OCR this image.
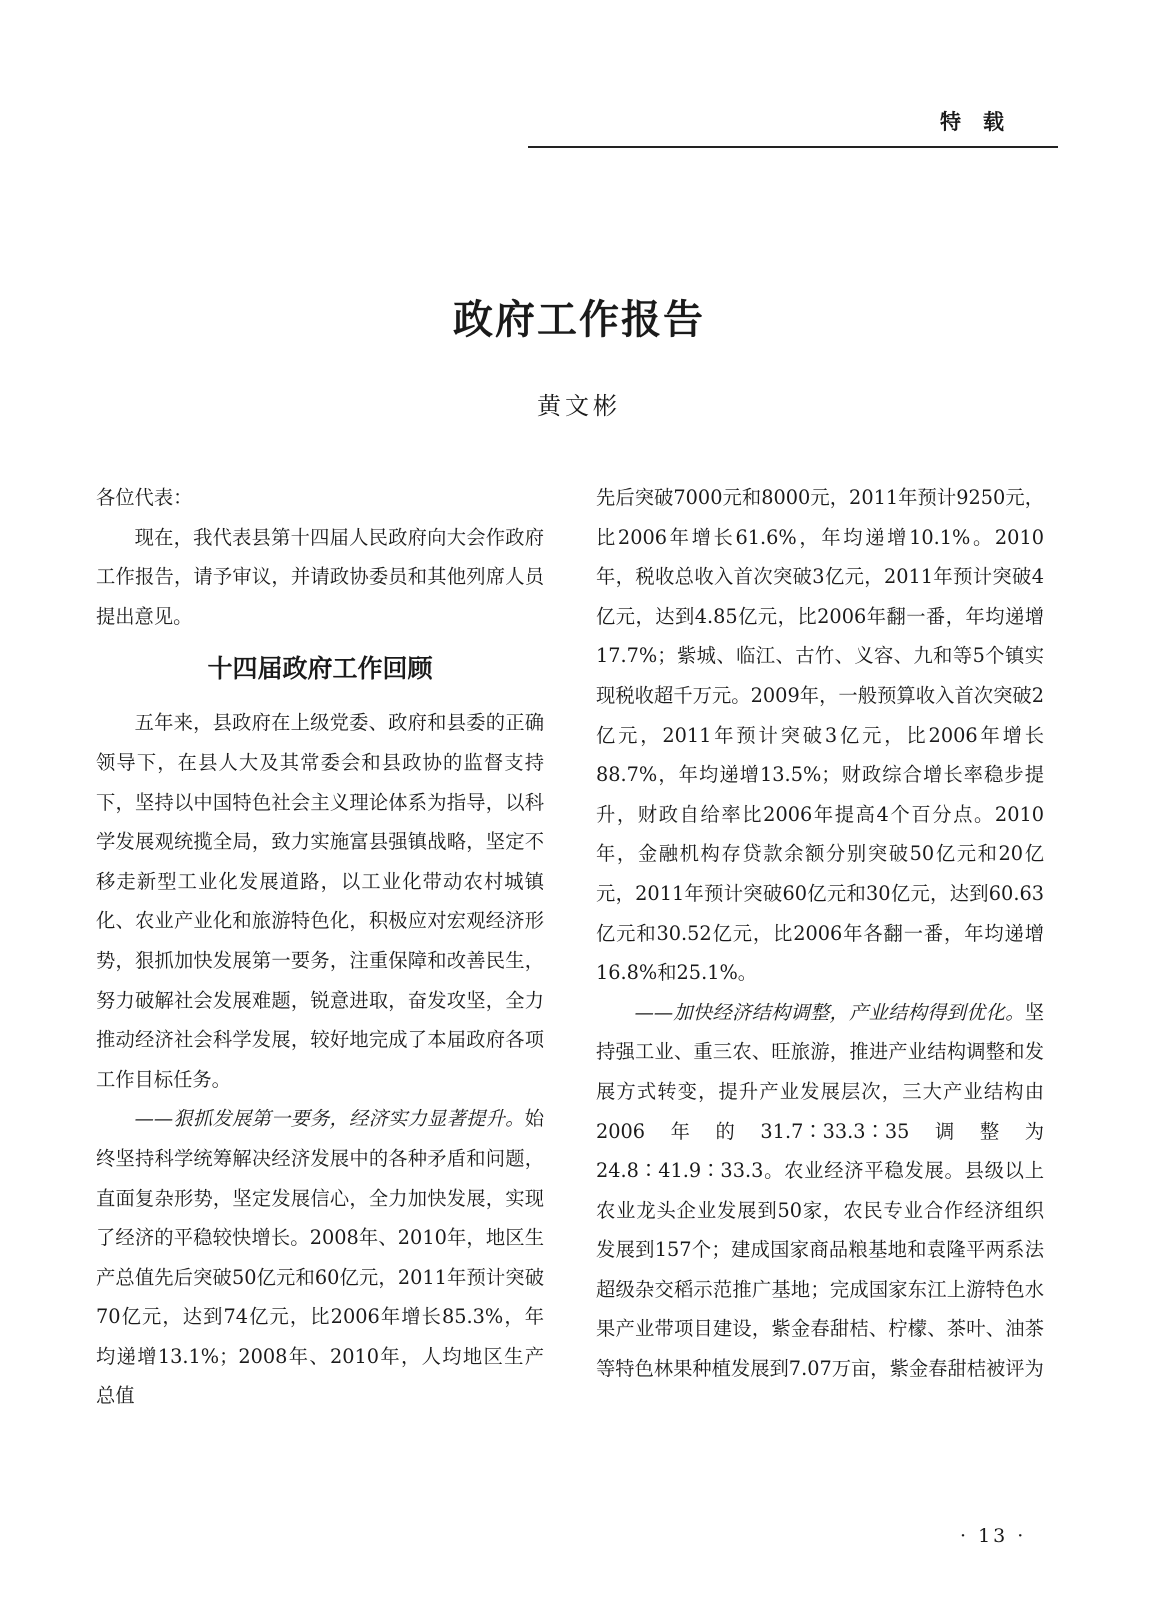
特载
政府工作报告
黄文彬

各位代表：

现在，我代表县第十四届人民政府向大会作政府工作报告，请予审议，并请政协委员和其他列席人员提出意见。

十四届政府工作回顾

五年来，县政府在上级党委、政府和县委的正确领导下，在县人大及其常委会和县政协的监督支持下，坚持以中国特色社会主义理论体系为指导，以科学发展观统揽全局，致力实施富县强镇战略，坚定不移走新型工业化发展道路，以工业化带动农村城镇化、农业产业化和旅游特色化，积极应对宏观经济形势，狠抓加快发展第一要务，注重保障和改善民生，努力破解社会发展难题，锐意进取，奋发攻坚，全力推动经济社会科学发展，较好地完成了本届政府各项工作目标任务。

——狠抓发展第一要务，经济实力显著提升。始终坚持科学统筹解决经济发展中的各种矛盾和问题，直面复杂形势，坚定发展信心，全力加快发展，实现了经济的平稳较快增长。2008年、2010年，地区生产总值先后突破50亿元和60亿元，2011年预计突破70亿元，达到74亿元，比2006年增长85.3%，年均递增13.1%；2008年、2010年，人均地区生产总值

先后突破7000元和8000元，2011年预计9250元，比2006年增长61.6%，年均递增10.1%。2010年，税收总收入首次突破3亿元，2011年预计突破4亿元，达到4.85亿元，比2006年翻一番，年均递增17.7%；紫城、临江、古竹、义容、九和等5个镇实现税收超千万元。2009年，一般预算收入首次突破2亿元，2011年预计突破3亿元，比2006年增长88.7%，年均递增13.5%；财政综合增长率稳步提升，财政自给率比2006年提高4个百分点。2010年，金融机构存贷款余额分别突破50亿元和20亿元，2011年预计突破60亿元和30亿元，达到60.63亿元和30.52亿元，比2006年各翻一番，年均递增16.8%和25.1%。

——加快经济结构调整，产业结构得到优化。坚持强工业、重三农、旺旅游，推进产业结构调整和发展方式转变，提升产业发展层次，三大产业结构由2006年的31.7∶33.3∶35调整为24.8∶41.9∶33.3。农业经济平稳发展。县级以上农业龙头企业发展到50家，农民专业合作经济组织发展到157个；建成国家商品粮基地和袁隆平两系法超级杂交稻示范推广基地；完成国家东江上游特色水果产业带项目建设，紫金春甜桔、柠檬、茶叶、油茶等特色林果种植发展到7.07万亩，紫金春甜桔被评为

· 13 ·
